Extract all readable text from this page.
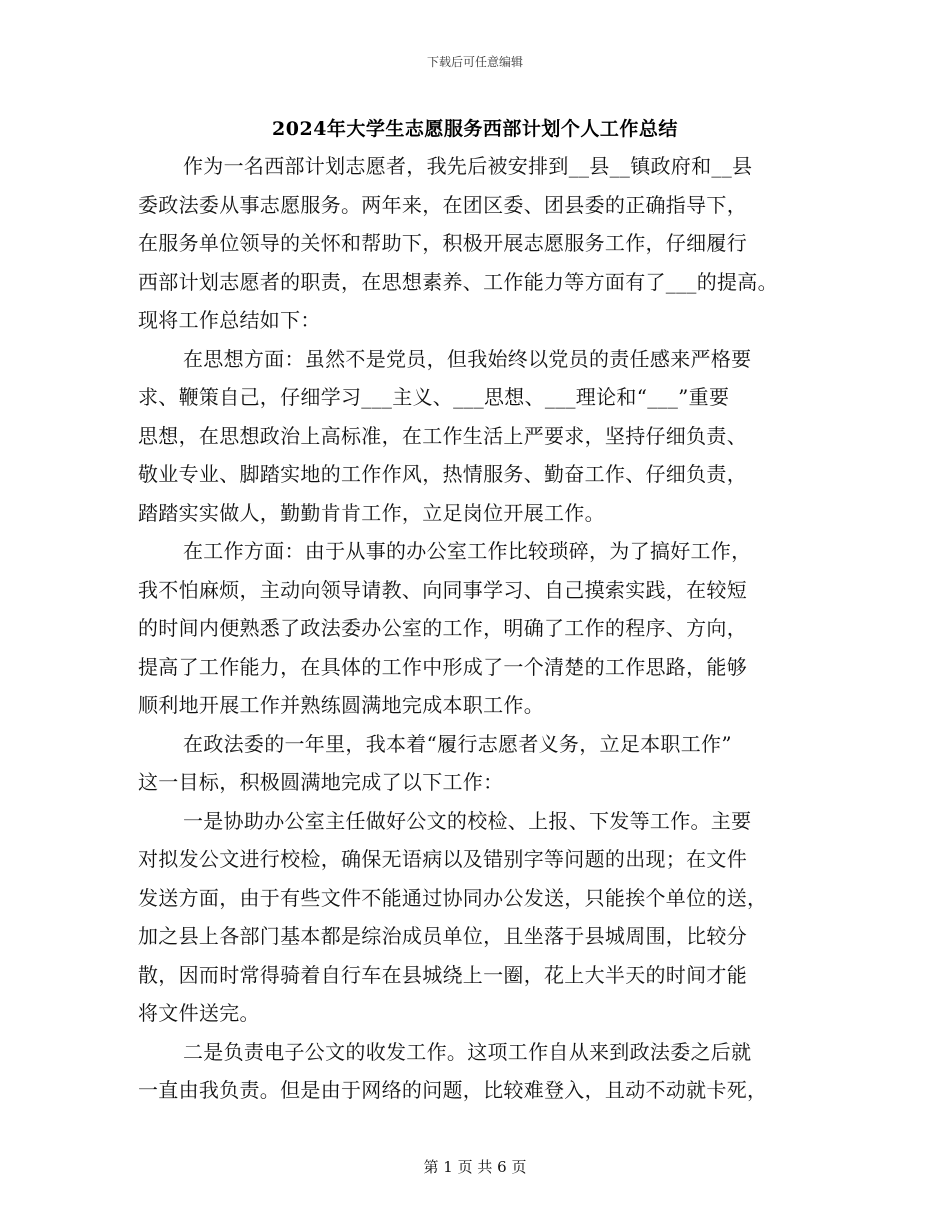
下载后可任意编辑
2024年大学生志愿服务西部计划个人工作总结
作为一名西部计划志愿者，我先后被安排到__县__镇政府和__县
委政法委从事志愿服务。两年来，在团区委、团县委的正确指导下，
在服务单位领导的关怀和帮助下，积极开展志愿服务工作，仔细履行
西部计划志愿者的职责，在思想素养、工作能力等方面有了___的提高。
现将工作总结如下：
在思想方面：虽然不是党员，但我始终以党员的责任感来严格要
求、鞭策自己，仔细学习___主义、___思想、___理论和“___”重要
思想，在思想政治上高标准，在工作生活上严要求，坚持仔细负责、
敬业专业、脚踏实地的工作作风，热情服务、勤奋工作、仔细负责，
踏踏实实做人，勤勤肯肯工作，立足岗位开展工作。
在工作方面：由于从事的办公室工作比较琐碎，为了搞好工作，
我不怕麻烦，主动向领导请教、向同事学习、自己摸索实践，在较短
的时间内便熟悉了政法委办公室的工作，明确了工作的程序、方向，
提高了工作能力，在具体的工作中形成了一个清楚的工作思路，能够
顺利地开展工作并熟练圆满地完成本职工作。
在政法委的一年里，我本着“履行志愿者义务，立足本职工作”
这一目标，积极圆满地完成了以下工作：
一是协助办公室主任做好公文的校检、上报、下发等工作。主要
对拟发公文进行校检，确保无语病以及错别字等问题的出现；在文件
发送方面，由于有些文件不能通过协同办公发送，只能挨个单位的送，
加之县上各部门基本都是综治成员单位，且坐落于县城周围，比较分
散，因而时常得骑着自行车在县城绕上一圈，花上大半天的时间才能
将文件送完。
二是负责电子公文的收发工作。这项工作自从来到政法委之后就
一直由我负责。但是由于网络的问题，比较难登入，且动不动就卡死，
第 1 页 共 6 页
